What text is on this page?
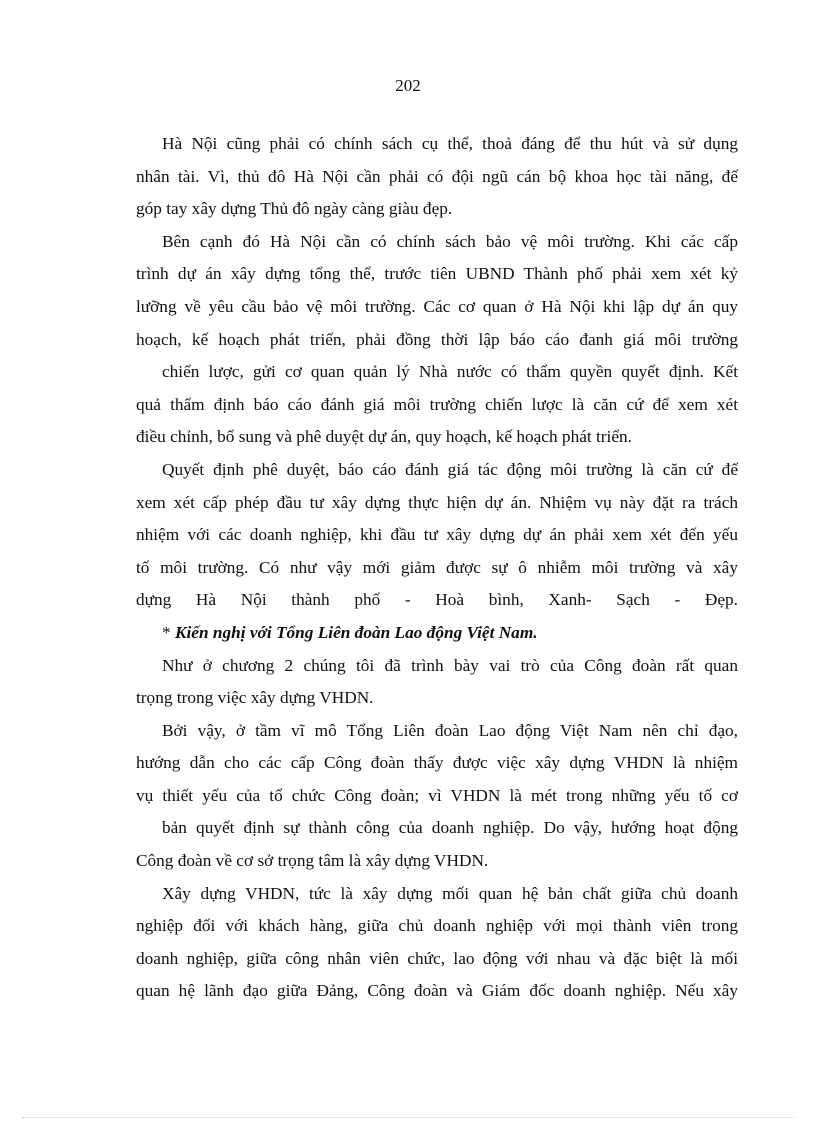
202
Hà Nội cũng phải có chính sách cụ thể, thoả đáng để thu hút và sử dụng
nhân tài. Vì, thủ đô Hà Nội cần phải có đội ngũ cán bộ khoa học tài năng, để
góp tay xây dựng Thủ đô ngày càng giàu đẹp.
Bên cạnh đó Hà Nội cần có chính sách bảo vệ môi trường. Khi các cấp
trình dự án xây dựng tổng thể, trước tiên UBND Thành phố phải xem xét kỷ
lưỡng về yêu cầu bảo vệ môi trường. Các cơ quan ở Hà Nội khi lập dự án quy
hoạch, kế hoạch phát triển, phải đồng thời lập báo cáo đanh giá môi trường
chiến lược, gửi cơ quan quản lý Nhà nước có thẩm quyền quyết định. Kết
quả thẩm định báo cáo đánh giá môi trường chiến lược là căn cứ để xem xét
điều chỉnh, bổ sung và phê duyệt dự án, quy hoạch, kế hoạch phát triển.
Quyết định phê duyệt, báo cáo đánh giá tác động môi trường là căn cứ để
xem xét cấp phép đầu tư xây dựng thực hiện dự án. Nhiệm vụ này đặt ra trách
nhiệm với các doanh nghiệp, khi đầu tư xây dựng dự án phải xem xét đến yếu
tố môi trường. Có như vậy mới giảm được sự ô nhiễm môi trường và xây
dựng Hà Nội thành phố - Hoà bình, Xanh- Sạch - Đẹp.
* Kiến nghị với Tổng Liên đoàn Lao động Việt Nam.
Như ở chương 2 chúng tôi đã trình bày vai trò của Công đoàn rất quan
trọng trong việc xây dựng VHDN.
Bởi vậy, ở tầm vĩ mô Tổng Liên đoàn Lao động Việt Nam nên chỉ đạo,
hướng dẫn cho các cấp Công đoàn thấy được việc xây dựng VHDN là nhiệm
vụ thiết yếu của tổ chức Công đoàn; vì VHDN là mét trong những yếu tố cơ
bản quyết định sự thành công của doanh nghiệp. Do vậy, hướng hoạt động
Công đoàn về cơ sở trọng tâm là xây dựng VHDN.
Xây dựng VHDN, tức là xây dựng mối quan hệ bản chất giữa chủ doanh
nghiệp đối với khách hàng, giữa chủ doanh nghiệp với mọi thành viên trong
doanh nghiệp, giữa công nhân viên chức, lao động với nhau và đặc biệt là mối
quan hệ lãnh đạo giữa Đảng, Công đoàn và Giám đốc doanh nghiệp. Nếu xây
